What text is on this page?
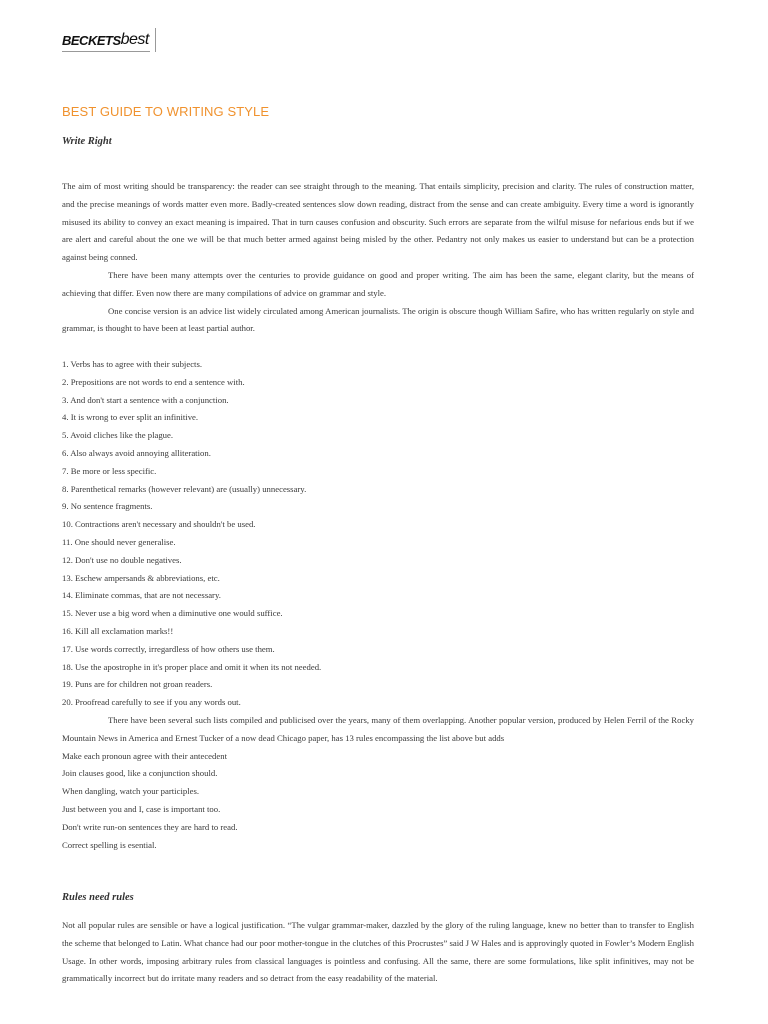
BECKETS best
BEST GUIDE TO WRITING STYLE
Write Right

The aim of most writing should be transparency: the reader can see straight through to the meaning. That entails simplicity, precision and clarity. The rules of construction matter, and the precise meanings of words matter even more. Badly-created sentences slow down reading, distract from the sense and can create ambiguity. Every time a word is ignorantly misused its ability to convey an exact meaning is impaired. That in turn causes confusion and obscurity. Such errors are separate from the wilful misuse for nefarious ends but if we are alert and careful about the one we will be that much better armed against being misled by the other. Pedantry not only makes us easier to understand but can be a protection against being conned.

There have been many attempts over the centuries to provide guidance on good and proper writing. The aim has been the same, elegant clarity, but the means of achieving that differ. Even now there are many compilations of advice on grammar and style.

One concise version is an advice list widely circulated among American journalists. The origin is obscure though William Safire, who has written regularly on style and grammar, is thought to have been at least partial author.

1. Verbs has to agree with their subjects.
2. Prepositions are not words to end a sentence with.
3. And don't start a sentence with a conjunction.
4. It is wrong to ever split an infinitive.
5. Avoid cliches like the plague.
6. Also always avoid annoying alliteration.
7. Be more or less specific.
8. Parenthetical remarks (however relevant) are (usually) unnecessary.
9. No sentence fragments.
10. Contractions aren't necessary and shouldn't be used.
11. One should never generalise.
12. Don't use no double negatives.
13. Eschew ampersands & abbreviations, etc.
14. Eliminate commas, that are not necessary.
15. Never use a big word when a diminutive one would suffice.
16. Kill all exclamation marks!!
17. Use words correctly, irregardless of how others use them.
18. Use the apostrophe in it's proper place and omit it when its not needed.
19. Puns are for children not groan readers.
20. Proofread carefully to see if you any words out.

There have been several such lists compiled and publicised over the years, many of them overlapping. Another popular version, produced by Helen Ferril of the Rocky Mountain News in America and Ernest Tucker of a now dead Chicago paper, has 13 rules encompassing the list above but adds

Make each pronoun agree with their antecedent
Join clauses good, like a conjunction should.
When dangling, watch your participles.
Just between you and I, case is important too.
Don't write run-on sentences they are hard to read.
Correct spelling is esential.
Rules need rules

Not all popular rules are sensible or have a logical justification. “The vulgar grammar-maker, dazzled by the glory of the ruling language, knew no better than to transfer to English the scheme that belonged to Latin. What chance had our poor mother-tongue in the clutches of this Procrustes” said J W Hales and is approvingly quoted in Fowler’s Modern English Usage. In other words, imposing arbitrary rules from classical languages is pointless and confusing. All the same, there are some formulations, like split infinitives, may not be grammatically incorrect but do irritate many readers and so detract from the easy readability of the material.
